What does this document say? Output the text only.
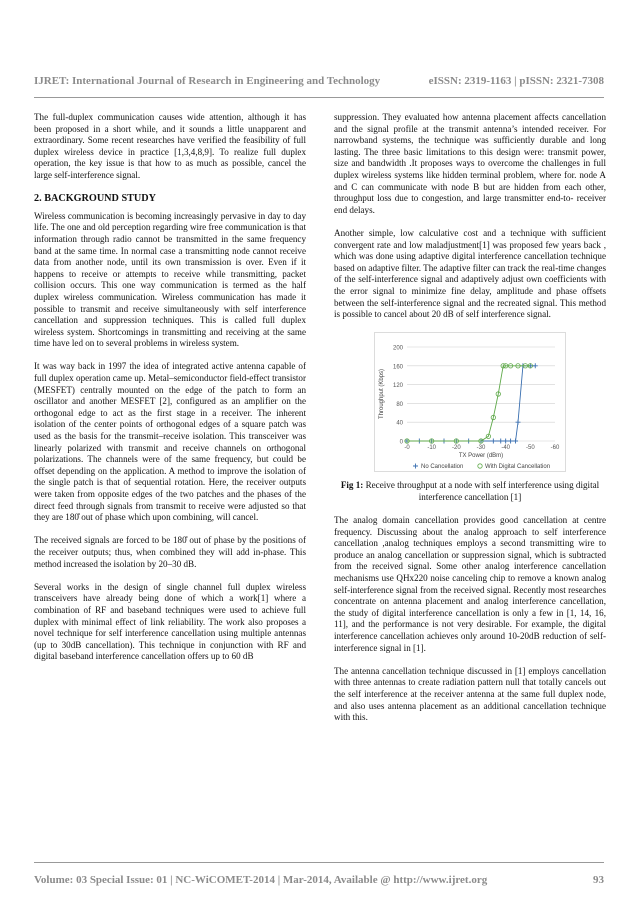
IJRET: International Journal of Research in Engineering and Technology	eISSN: 2319-1163 | pISSN: 2321-7308

The full-duplex communication causes wide attention, although it has been proposed in a short while, and it sounds a little unapparent and extraordinary. Some recent researches have verified the feasibility of full duplex wireless device in practice [1,3,4,8,9]. To realize full duplex operation, the key issue is that how to as much as possible, cancel the large self-interference signal.

2. BACKGROUND STUDY

Wireless communication is becoming increasingly pervasive in day to day life. The one and old perception regarding wire free communication is that information through radio cannot be transmitted in the same frequency band at the same time. In normal case a transmitting node cannot receive data from another node, until its own transmission is over. Even if it happens to receive or attempts to receive while transmitting, packet collision occurs. This one way communication is termed as the half duplex wireless communication. Wireless communication has made it possible to transmit and receive simultaneously with self interference cancellation and suppression techniques. This is called full duplex wireless system. Shortcomings in transmitting and receiving at the same time have led on to several problems in wireless system.

It was way back in 1997 the idea of integrated active antenna capable of full duplex operation came up. Metal–semiconductor field-effect transistor (MESFET) centrally mounted on the edge of the patch to form an oscillator and another MESFET [2], configured as an amplifier on the orthogonal edge to act as the first stage in a receiver. The inherent isolation of the center points of orthogonal edges of a square patch was used as the basis for the transmit–receive isolation. This transceiver was linearly polarized with transmit and receive channels on orthogonal polarizations. The channels were of the same frequency, but could be offset depending on the application. A method to improve the isolation of the single patch is that of sequential rotation. Here, the receiver outputs were taken from opposite edges of the two patches and the phases of the direct feed through signals from transmit to receive were adjusted so that they are 180̊ out of phase which upon combining, will cancel.

The received signals are forced to be 180̊ out of phase by the positions of the receiver outputs; thus, when combined they will add in-phase. This method increased the isolation by 20–30 dB.

Several works in the design of single channel full duplex wireless transceivers have already being done of which a work[1] where a combination of RF and baseband techniques were used to achieve full duplex with minimal effect of link reliability. The work also proposes a novel technique for self interference cancellation using multiple antennas (up to 30dB cancellation). This technique in conjunction with RF and digital baseband interference cancellation offers up to 60 dB

suppression. They evaluated how antenna placement affects cancellation and the signal profile at the transmit antenna’s intended receiver. For narrowband systems, the technique was sufficiently durable and long lasting. The three basic limitations to this design were: transmit power, size and bandwidth .It proposes ways to overcome the challenges in full duplex wireless systems like hidden terminal problem, where for. node A and C can communicate with node B but are hidden from each other, throughput loss due to congestion, and large transmitter end-to- receiver end delays.

Another simple, low calculative cost and a technique with sufficient convergent rate and low maladjustment[1] was proposed few years back , which was done using adaptive digital interference cancellation technique based on adaptive filter. The adaptive filter can track the real-time changes of the self-interference signal and adaptively adjust own coefficients with the error signal to minimize fine delay, amplitude and phase offsets between the self-interference signal and the recreated signal. This method is possible to cancel about 20 dB of self interference signal.

0
40
80
120
160
200
-0	-10	-20	-30	-40	-50	-60
TX Power (dBm)
Throughput (Kbps)
No Cancellation	With Digital Cancellation
Fig 1: Receive throughput at a node with self interference using digital interference cancellation [1]

The analog domain cancellation provides good cancellation at centre frequency. Discussing about the analog approach to self interference cancellation ,analog techniques employs a second transmitting wire to produce an analog cancellation or suppression signal, which is subtracted from the received signal. Some other analog interference cancellation mechanisms use QHx220 noise canceling chip to remove a known analog self-interference signal from the received signal. Recently most researches concentrate on antenna placement and analog interference cancellation, the study of digital interference cancellation is only a few in [1, 14, 16, 11], and the performance is not very desirable. For example, the digital interference cancellation achieves only around 10-20dB reduction of self-interference signal in [1].

The antenna cancellation technique discussed in [1] employs cancellation with three antennas to create radiation pattern null that totally cancels out the self interference at the receiver antenna at the same full duplex node, and also uses antenna placement as an additional cancellation technique with this.

Volume: 03 Special Issue: 01 | NC-WiCOMET-2014 | Mar-2014, Available @ http://www.ijret.org	93
